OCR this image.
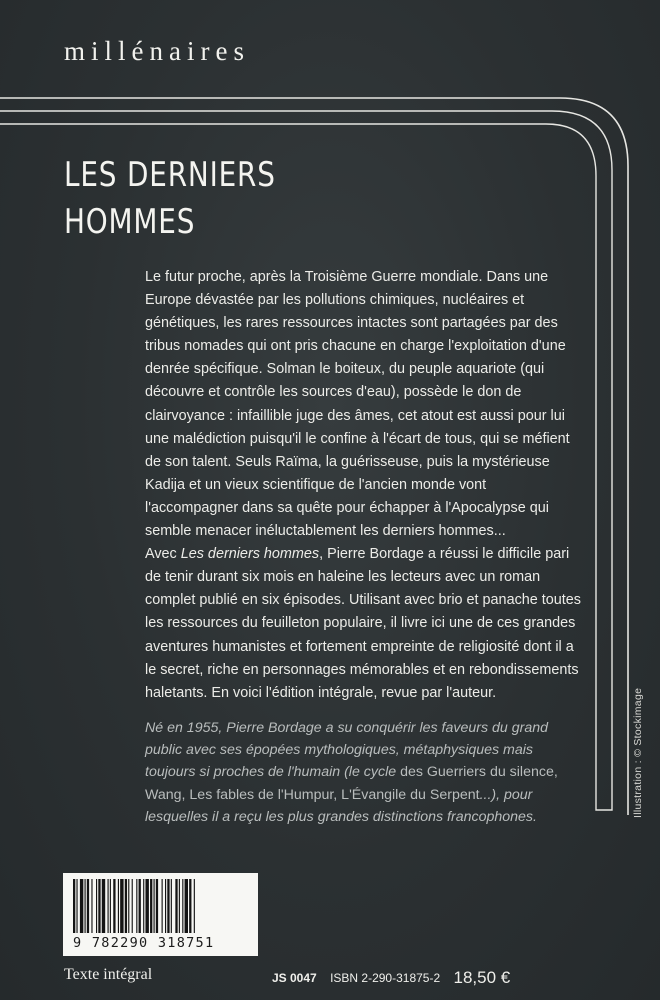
millénaires
LES DERNIERS
HOMMES

Le futur proche, après la Troisième Guerre mondiale. Dans une Europe dévastée par les pollutions chimiques, nucléaires et génétiques, les rares ressources intactes sont partagées par des tribus nomades qui ont pris chacune en charge l'exploitation d'une denrée spécifique. Solman le boiteux, du peuple aquariote (qui découvre et contrôle les sources d'eau), possède le don de clairvoyance : infaillible juge des âmes, cet atout est aussi pour lui une malédiction puisqu'il le confine à l'écart de tous, qui se méfient de son talent. Seuls Raïma, la guérisseuse, puis la mystérieuse Kadija et un vieux scientifique de l'ancien monde vont l'accompagner dans sa quête pour échapper à l'Apocalypse qui semble menacer inéluctablement les derniers hommes...

Avec Les derniers hommes, Pierre Bordage a réussi le difficile pari de tenir durant six mois en haleine les lecteurs avec un roman complet publié en six épisodes. Utilisant avec brio et panache toutes les ressources du feuilleton populaire, il livre ici une de ces grandes aventures humanistes et fortement empreinte de religiosité dont il a le secret, riche en personnages mémorables et en rebondissements haletants. En voici l'édition intégrale, revue par l'auteur.

Né en 1955, Pierre Bordage a su conquérir les faveurs du grand public avec ses épopées mythologiques, métaphysiques mais toujours si proches de l'humain (le cycle des Guerriers du silence, Wang, Les fables de l'Humpur, L'Évangile du Serpent...), pour lesquelles il a reçu les plus grandes distinctions francophones.	Illustration : © Stockimage
9 782290 318751
Texte intégral	JS 0047 ISBN 2-290-31875-2 18,50 €
